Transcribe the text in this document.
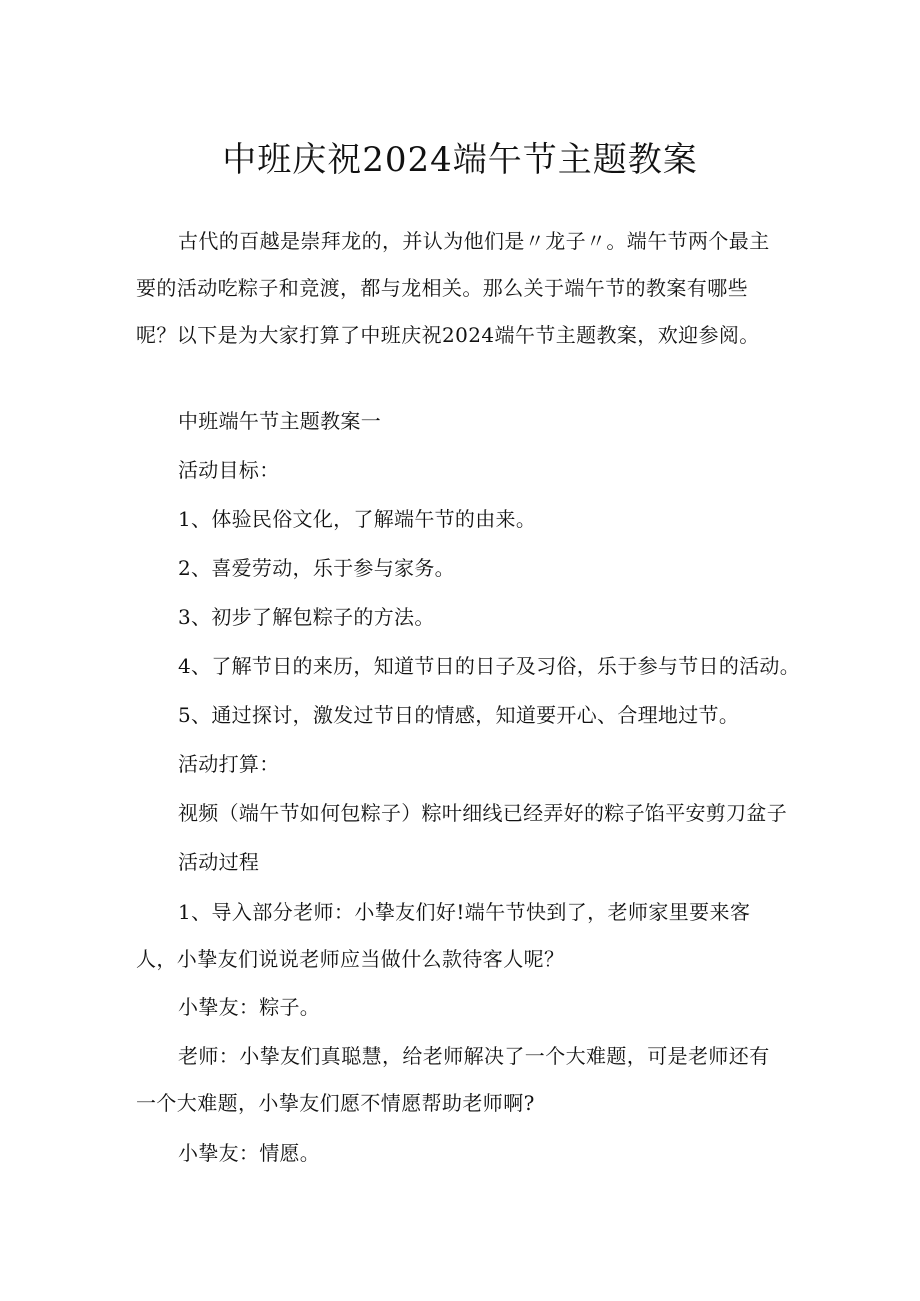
中班庆祝2024端午节主题教案

古代的百越是崇拜龙的，并认为他们是〃龙子〃。端午节两个最主要的活动吃粽子和竞渡，都与龙相关。那么关于端午节的教案有哪些呢？以下是为大家打算了中班庆祝2024端午节主题教案，欢迎参阅。

中班端午节主题教案一
活动目标：
1、体验民俗文化，了解端午节的由来。
2、喜爱劳动，乐于参与家务。
3、初步了解包粽子的方法。
4、了解节日的来历，知道节日的日子及习俗，乐于参与节日的活动。
5、通过探讨，激发过节日的情感，知道要开心、合理地过节。
活动打算：
视频（端午节如何包粽子）粽叶细线已经弄好的粽子馅平安剪刀盆子
活动过程

1、导入部分老师：小挚友们好!端午节快到了，老师家里要来客人，小挚友们说说老师应当做什么款待客人呢？

小挚友：粽子。

老师：小挚友们真聪慧，给老师解决了一个大难题，可是老师还有一个大难题，小挚友们愿不情愿帮助老师啊?

小挚友：情愿。
